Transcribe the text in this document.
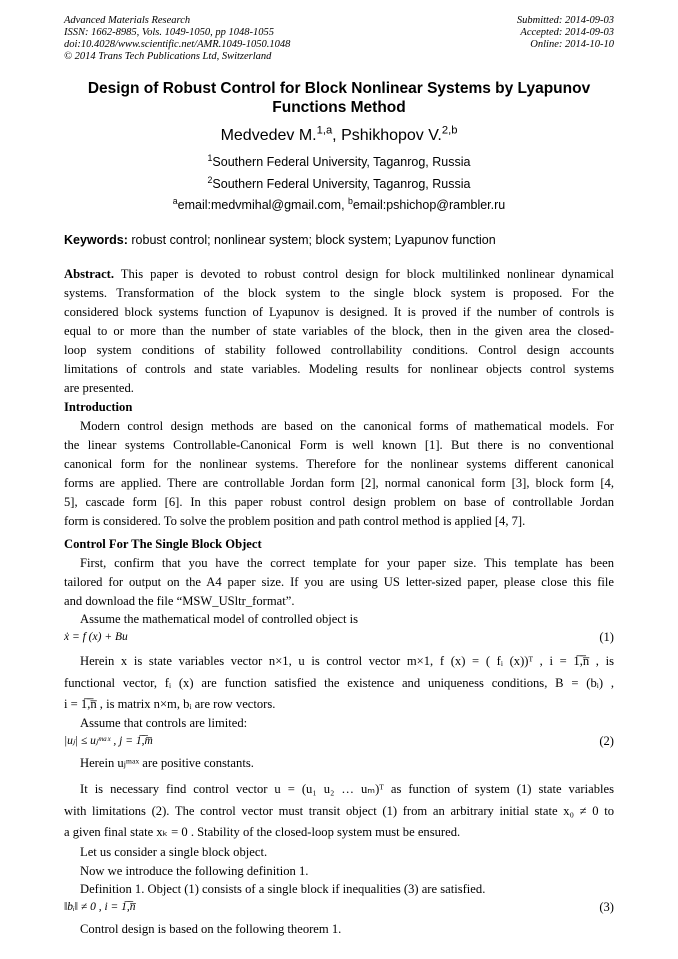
Advanced Materials Research
ISSN: 1662-8985, Vols. 1049-1050, pp 1048-1055
doi:10.4028/www.scientific.net/AMR.1049-1050.1048
© 2014 Trans Tech Publications Ltd, Switzerland
Submitted: 2014-09-03
Accepted: 2014-09-03
Online: 2014-10-10
Design of Robust Control for Block Nonlinear Systems by Lyapunov
Functions Method
Medvedev M.$^{1,a}$, Pshikhopov V.$^{2,b}$
$^1$Southern Federal University, Taganrog, Russia
$^2$Southern Federal University, Taganrog, Russia
$^a$email:medvmihal@gmail.com, $^b$email:pshichop@rambler.ru
Keywords: robust control; nonlinear system; block system; Lyapunov function
Abstract. This paper is devoted to robust control design for block multilinked nonlinear dynamical
systems. Transformation of the block system to the single block system is proposed. For the
considered block systems function of Lyapunov is designed. It is proved if the number of controls is
equal to or more than the number of state variables of the block, then in the given area the closed-
loop system conditions of stability followed controllability conditions. Control design accounts
limitations of controls and state variables. Modeling results for nonlinear objects control systems
are presented.
Introduction
Modern control design methods are based on the canonical forms of mathematical models. For
the linear systems Controllable-Canonical Form is well known [1]. But there is no conventional
canonical form for the nonlinear systems. Therefore for the nonlinear systems different canonical
forms are applied. There are controllable Jordan form [2], normal canonical form [3], block form [4,
5], cascade form [6]. In this paper robust control design problem on base of controllable Jordan
form is considered. To solve the problem position and path control method is applied [4, 7].
Control For The Single Block Object
First, confirm that you have the correct template for your paper size. This template has been
tailored for output on the A4 paper size. If you are using US letter-sized paper, please close this file
and download the file “MSW_USltr_format”.
Assume the mathematical model of controlled object is
ẋ = f (x) + Bu	(1)
Herein x is state variables vector n×1, u is control vector m×1, f (x) = ( fᵢ (x))ᵀ , i = 1̅,̅n̅ , is
functional vector, fᵢ (x) are function satisfied the existence and uniqueness conditions, B = (bᵢ) ,
i = 1̅,̅n̅ , is matrix n×m, bᵢ are row vectors.
Assume that controls are limited:
|uⱼ| ≤ uⱼᵐᵃˣ , j = 1̅,̅m̅	(2)
Herein uⱼᵐᵃˣ are positive constants.
It is necessary find control vector u = (u₁ u₂ … uₘ)ᵀ as function of system (1) state variables
with limitations (2). The control vector must transit object (1) from an arbitrary initial state x₀ ≠ 0 to
a given final state xₖ = 0 . Stability of the closed-loop system must be ensured.
Let us consider a single block object.
Now we introduce the following definition 1.
Definition 1. Object (1) consists of a single block if inequalities (3) are satisfied.
‖bᵢ‖ ≠ 0 , i = 1̅,̅n̅	(3)
Control design is based on the following theorem 1.
